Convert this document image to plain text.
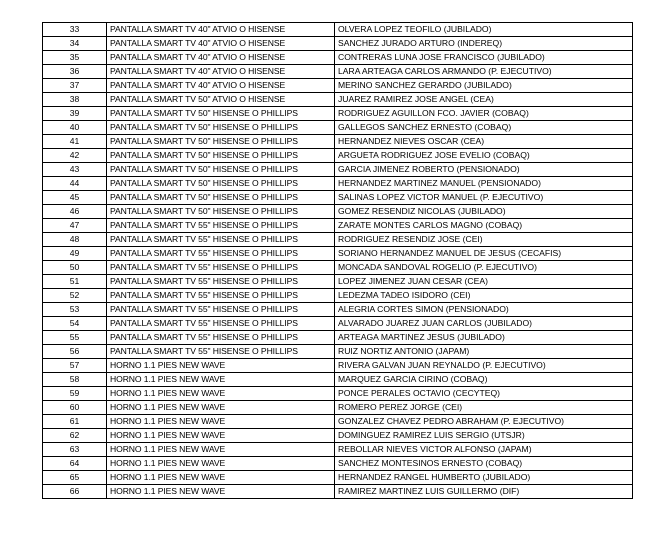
33	PANTALLA SMART TV 40" ATVIO O HISENSE	OLVERA LOPEZ TEOFILO (JUBILADO)
34	PANTALLA SMART TV 40" ATVIO O HISENSE	SANCHEZ JURADO ARTURO (INDEREQ)
35	PANTALLA SMART TV 40" ATVIO O HISENSE	CONTRERAS LUNA JOSE FRANCISCO (JUBILADO)
36	PANTALLA SMART TV 40" ATVIO O HISENSE	LARA ARTEAGA CARLOS ARMANDO (P. EJECUTIVO)
37	PANTALLA SMART TV 40" ATVIO O HISENSE	MERINO SANCHEZ GERARDO (JUBILADO)
38	PANTALLA SMART TV 50" ATVIO O HISENSE	JUAREZ RAMIREZ JOSE ANGEL (CEA)
39	PANTALLA SMART TV 50" HISENSE O PHILLIPS	RODRIGUEZ AGUILLON FCO. JAVIER (COBAQ)
40	PANTALLA SMART TV 50" HISENSE O PHILLIPS	GALLEGOS SANCHEZ ERNESTO (COBAQ)
41	PANTALLA SMART TV 50" HISENSE O PHILLIPS	HERNANDEZ NIEVES OSCAR (CEA)
42	PANTALLA SMART TV 50" HISENSE O PHILLIPS	ARGUETA RODRIGUEZ JOSE EVELIO (COBAQ)
43	PANTALLA SMART TV 50" HISENSE O PHILLIPS	GARCIA JIMENEZ ROBERTO (PENSIONADO)
44	PANTALLA SMART TV 50" HISENSE O PHILLIPS	HERNANDEZ MARTINEZ MANUEL (PENSIONADO)
45	PANTALLA SMART TV 50" HISENSE O PHILLIPS	SALINAS LOPEZ VICTOR MANUEL (P. EJECUTIVO)
46	PANTALLA SMART TV 50" HISENSE O PHILLIPS	GOMEZ RESENDIZ NICOLAS (JUBILADO)
47	PANTALLA SMART TV 55" HISENSE O PHILLIPS	ZARATE MONTES CARLOS MAGNO (COBAQ)
48	PANTALLA SMART TV 55" HISENSE O PHILLIPS	RODRIGUEZ RESENDIZ JOSE (CEI)
49	PANTALLA SMART TV 55" HISENSE O PHILLIPS	SORIANO HERNANDEZ MANUEL DE JESUS (CECAFIS)
50	PANTALLA SMART TV 55" HISENSE O PHILLIPS	MONCADA SANDOVAL ROGELIO (P. EJECUTIVO)
51	PANTALLA SMART TV 55" HISENSE O PHILLIPS	LOPEZ JIMENEZ JUAN CESAR (CEA)
52	PANTALLA SMART TV 55" HISENSE O PHILLIPS	LEDEZMA TADEO ISIDORO (CEI)
53	PANTALLA SMART TV 55" HISENSE O PHILLIPS	ALEGRIA CORTES SIMON (PENSIONADO)
54	PANTALLA SMART TV 55" HISENSE O PHILLIPS	ALVARADO JUAREZ JUAN CARLOS (JUBILADO)
55	PANTALLA SMART TV 55" HISENSE O PHILLIPS	ARTEAGA MARTINEZ JESUS (JUBILADO)
56	PANTALLA SMART TV 55" HISENSE O PHILLIPS	RUIZ NORTIZ ANTONIO (JAPAM)
57	HORNO 1.1 PIES NEW WAVE	RIVERA GALVAN JUAN REYNALDO (P. EJECUTIVO)
58	HORNO 1.1 PIES NEW WAVE	MARQUEZ GARCIA CIRINO (COBAQ)
59	HORNO 1.1 PIES NEW WAVE	PONCE PERALES OCTAVIO (CECYTEQ)
60	HORNO 1.1 PIES NEW WAVE	ROMERO PEREZ JORGE (CEI)
61	HORNO 1.1 PIES NEW WAVE	GONZALEZ CHAVEZ PEDRO ABRAHAM (P. EJECUTIVO)
62	HORNO 1.1 PIES NEW WAVE	DOMINGUEZ RAMIREZ LUIS SERGIO (UTSJR)
63	HORNO 1.1 PIES NEW WAVE	REBOLLAR NIEVES VICTOR ALFONSO (JAPAM)
64	HORNO 1.1 PIES NEW WAVE	SANCHEZ MONTESINOS ERNESTO (COBAQ)
65	HORNO 1.1 PIES NEW WAVE	HERNANDEZ RANGEL HUMBERTO (JUBILADO)
66	HORNO 1.1 PIES NEW WAVE	RAMIREZ MARTINEZ LUIS GUILLERMO (DIF)
